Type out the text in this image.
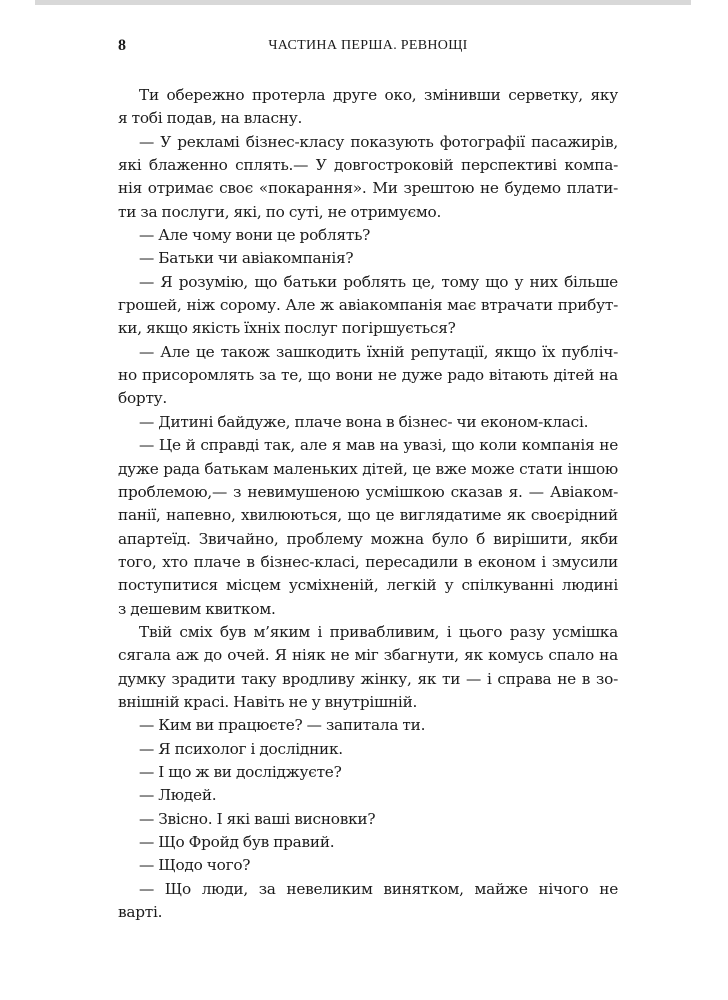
8	ЧАСТИНА ПЕРША. РЕВНОЩІ
Ти обережно протерла друге око, змінивши серветку, яку
я тобі подав, на власну.
— У рекламі бізнес-класу показують фотографії пасажирів,
які блаженно сплять.— У довгостроковій перспективі компа-
нія отримає своє «покарання». Ми зрештою не будемо плати-
ти за послуги, які, по суті, не отримуємо.
— Але чому вони це роблять?
— Батьки чи авіакомпанія?
— Я розумію, що батьки роблять це, тому що у них більше
грошей, ніж сорому. Але ж авіакомпанія має втрачати прибут-
ки, якщо якість їхніх послуг погіршується?
— Але це також зашкодить їхній репутації, якщо їх публіч-
но присоромлять за те, що вони не дуже радо вітають дітей на
борту.
— Дитині байдуже, плаче вона в бізнес- чи економ-класі.
— Це й справді так, але я мав на увазі, що коли компанія не
дуже рада батькам маленьких дітей, це вже може стати іншою
проблемою,— з невимушеною усмішкою сказав я. — Авіаком-
панії, напевно, хвилюються, що це виглядатиме як своєрідний
апартеїд. Звичайно, проблему можна було б вирішити, якби
того, хто плаче в бізнес-класі, пересадили в економ і змусили
поступитися місцем усміхненій, легкій у спілкуванні людині
з дешевим квитком.
Твій сміх був м’яким і привабливим, і цього разу усмішка
сягала аж до очей. Я ніяк не міг збагнути, як комусь спало на
думку зрадити таку вродливу жінку, як ти — і справа не в зо-
внішній красі. Навіть не у внутрішній.
— Ким ви працюєте? — запитала ти.
— Я психолог і дослідник.
— І що ж ви досліджуєте?
— Людей.
— Звісно. І які ваші висновки?
— Що Фройд був правий.
— Щодо чого?
— Що люди, за невеликим винятком, майже нічого не
варті.
